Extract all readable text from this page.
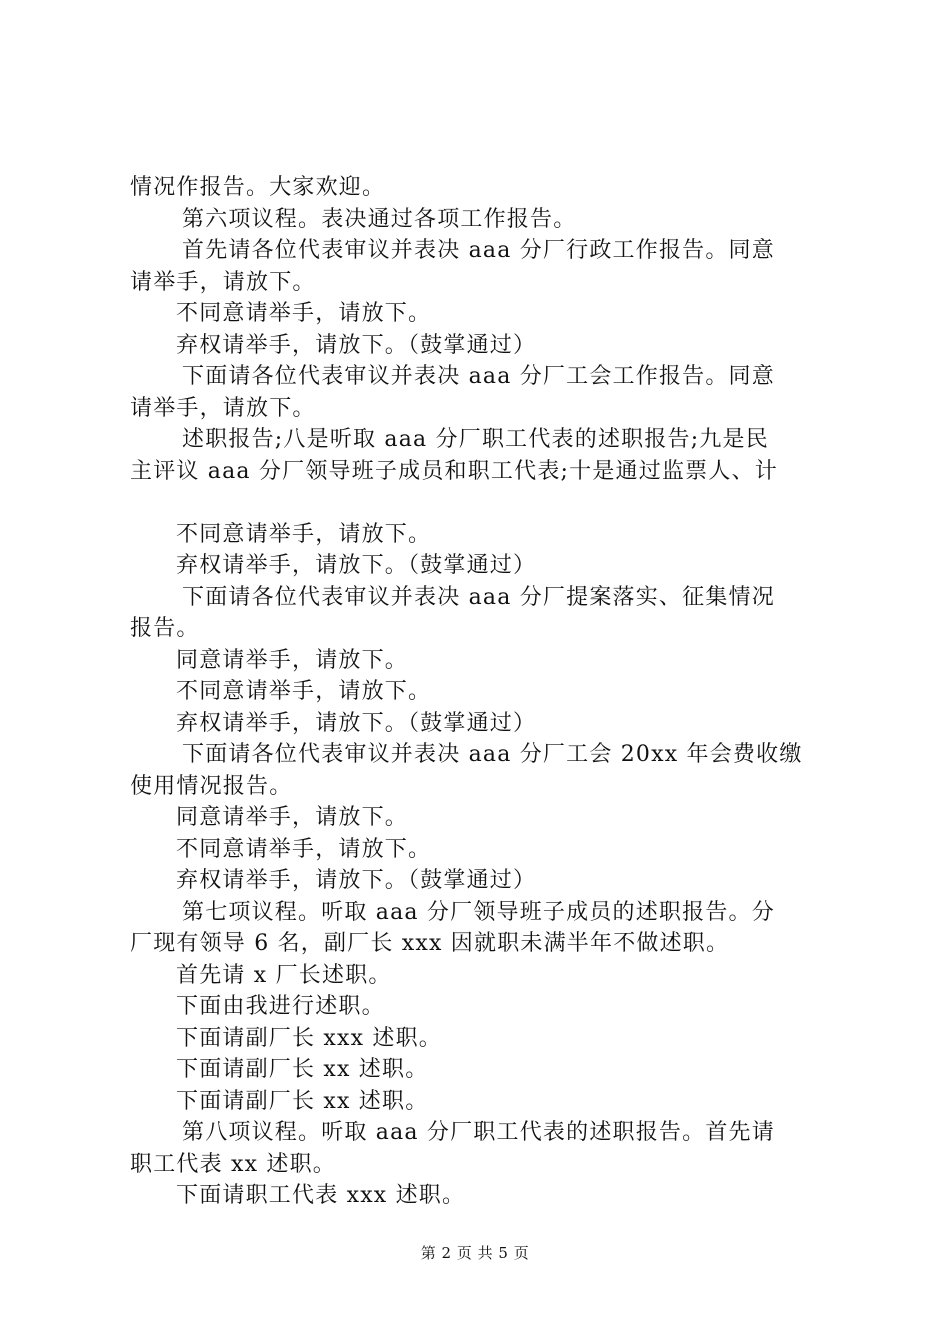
情况作报告。大家欢迎。
第六项议程。表决通过各项工作报告。
首先请各位代表审议并表决 aaa 分厂行政工作报告。同意
请举手，请放下。
不同意请举手，请放下。
弃权请举手，请放下。（鼓掌通过）
下面请各位代表审议并表决 aaa 分厂工会工作报告。同意
请举手，请放下。
述职报告;八是听取 aaa 分厂职工代表的述职报告;九是民
主评议 aaa 分厂领导班子成员和职工代表;十是通过监票人、计
不同意请举手，请放下。
弃权请举手，请放下。（鼓掌通过）
下面请各位代表审议并表决 aaa 分厂提案落实、征集情况
报告。
同意请举手，请放下。
不同意请举手，请放下。
弃权请举手，请放下。（鼓掌通过）
下面请各位代表审议并表决 aaa 分厂工会 20xx 年会费收缴
使用情况报告。
同意请举手，请放下。
不同意请举手，请放下。
弃权请举手，请放下。（鼓掌通过）
第七项议程。听取 aaa 分厂领导班子成员的述职报告。分
厂现有领导 6 名，副厂长 xxx 因就职未满半年不做述职。
首先请 x 厂长述职。
下面由我进行述职。
下面请副厂长 xxx 述职。
下面请副厂长 xx 述职。
下面请副厂长 xx 述职。
第八项议程。听取 aaa 分厂职工代表的述职报告。首先请
职工代表 xx 述职。
下面请职工代表 xxx 述职。
第 2 页 共 5 页
